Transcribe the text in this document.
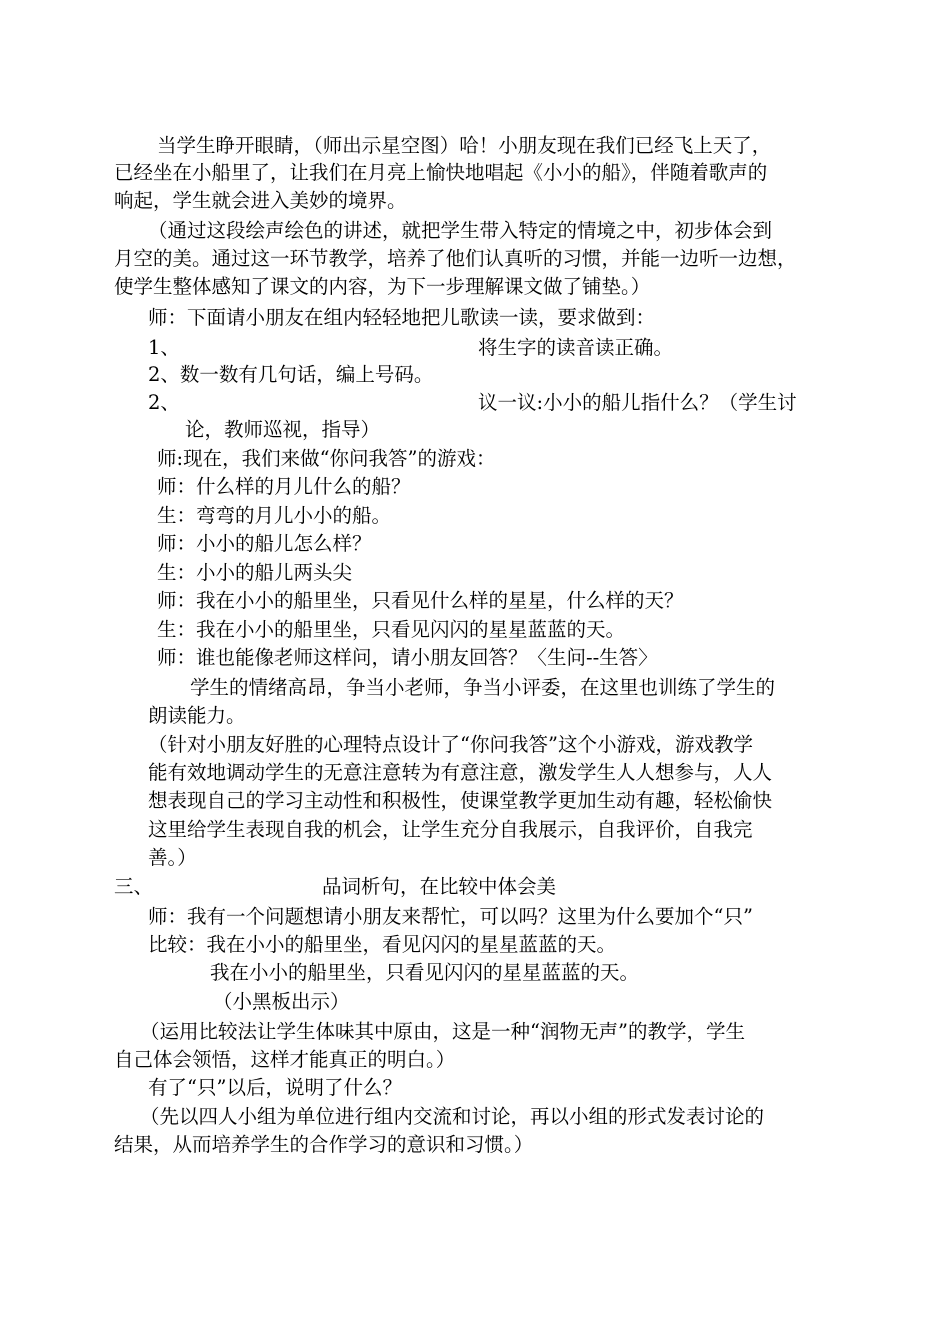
当学生睁开眼睛，（师出示星空图）哈！小朋友现在我们已经飞上天了，
已经坐在小船里了，让我们在月亮上愉快地唱起《小小的船》，伴随着歌声的
响起，学生就会进入美妙的境界。
（通过这段绘声绘色的讲述，就把学生带入特定的情境之中，初步体会到
月空的美。通过这一环节教学，培养了他们认真听的习惯，并能一边听一边想，
使学生整体感知了课文的内容，为下一步理解课文做了铺垫。）
师：下面请小朋友在组内轻轻地把儿歌读一读，要求做到：
1、	将生字的读音读正确。
2、数一数有几句话，编上号码。
2、	议一议:小小的船儿指什么？（学生讨
论，教师巡视，指导）
师:现在，我们来做“你问我答”的游戏：
师：什么样的月儿什么的船？
生：弯弯的月儿小小的船。
师：小小的船儿怎么样？
生：小小的船儿两头尖
师：我在小小的船里坐，只看见什么样的星星，什么样的天？
生：我在小小的船里坐，只看见闪闪的星星蓝蓝的天。
师：谁也能像老师这样问，请小朋友回答？〈生问--生答〉
学生的情绪高昂，争当小老师，争当小评委，在这里也训练了学生的
朗读能力。
（针对小朋友好胜的心理特点设计了“你问我答”这个小游戏，游戏教学
能有效地调动学生的无意注意转为有意注意，激发学生人人想参与，人人
想表现自己的学习主动性和积极性，使课堂教学更加生动有趣，轻松偷快
这里给学生表现自我的机会，让学生充分自我展示，自我评价，自我完
善。）
三、	品词析句，在比较中体会美
师：我有一个问题想请小朋友来帮忙，可以吗？这里为什么要加个“只”
比较：我在小小的船里坐，看见闪闪的星星蓝蓝的天。
我在小小的船里坐，只看见闪闪的星星蓝蓝的天。
（小黑板出示）
（运用比较法让学生体味其中原由，这是一种“润物无声”的教学，学生
自己体会领悟，这样才能真正的明白。）
有了“只”以后，说明了什么？
（先以四人小组为单位进行组内交流和讨论，再以小组的形式发表讨论的
结果，从而培养学生的合作学习的意识和习惯。）
